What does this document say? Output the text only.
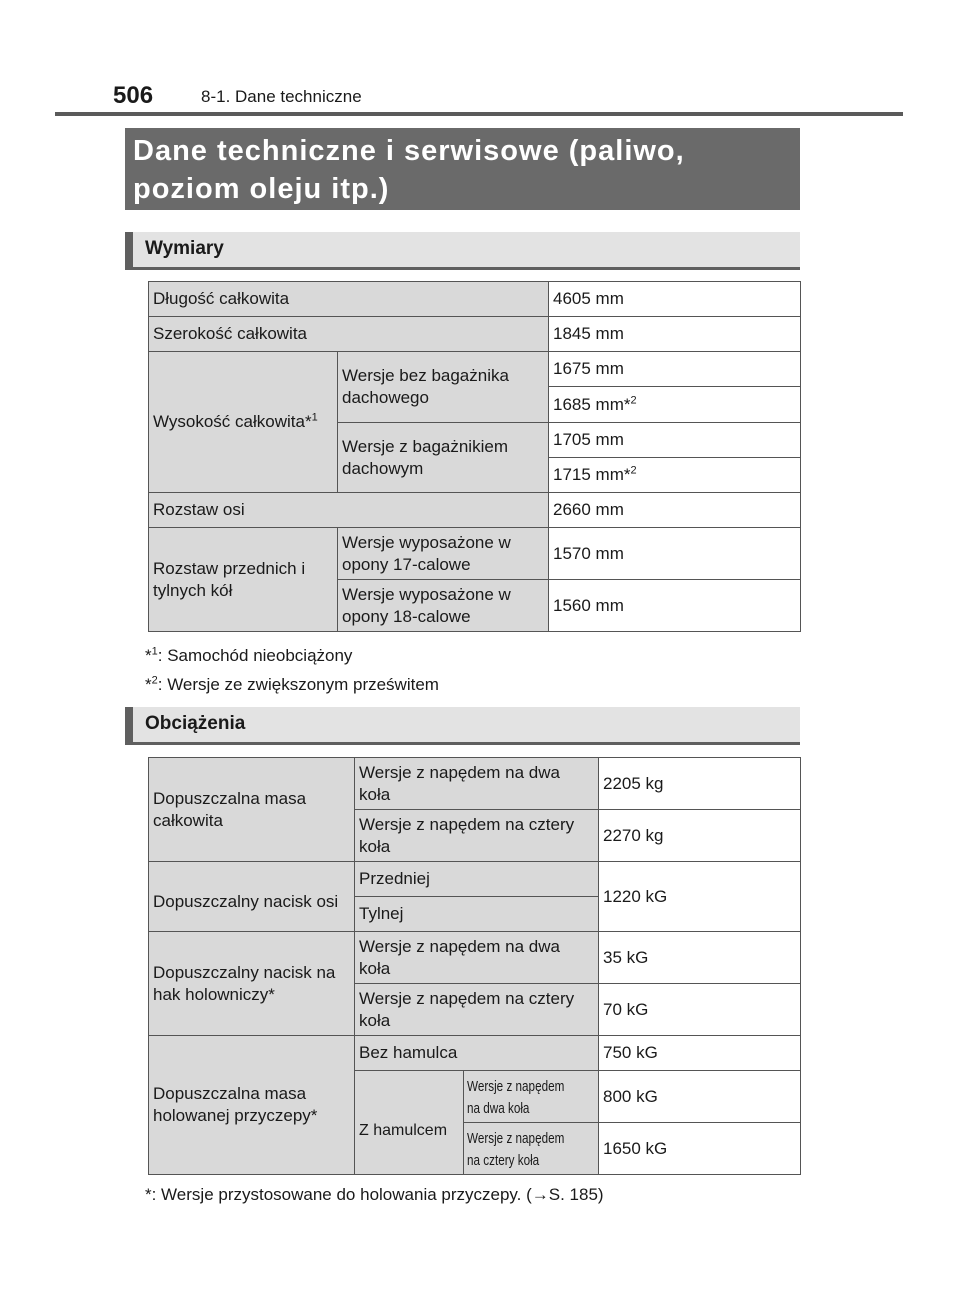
506	8-1. Dane techniczne
Dane techniczne i serwisowe (paliwo,
poziom oleju itp.)
Wymiary
Długość całkowita		4605 mm
Szerokość całkowita		1845 mm
Wysokość całkowita*$^1$	Wersje bez bagażnika dachowego	1675 mm
		1685 mm*$^2$
	Wersje z bagażnikiem dachowym	1705 mm
		1715 mm*$^2$
Rozstaw osi		2660 mm
Rozstaw przednich i tylnych kół	Wersje wyposażone w opony 17-calowe	1570 mm
	Wersje wyposażone w opony 18-calowe	1560 mm
*$^1$: Samochód nieobciążony
*$^2$: Wersje ze zwiększonym prześwitem
Obciążenia
Dopuszczalna masa całkowita	Wersje z napędem na dwa koła		2205 kg
	Wersje z napędem na cztery koła		2270 kg
Dopuszczalny nacisk osi	Przedniej		1220 kG
	Tylnej		
Dopuszczalny nacisk na hak holowniczy*	Wersje z napędem na dwa koła		35 kG
	Wersje z napędem na cztery koła		70 kG
Dopuszczalna masa holowanej przyczepy*	Bez hamulca		750 kG
	Z hamulcem	Wersje z napędem
na dwa koła	800 kG
		Wersje z napędem
na cztery koła	1650 kG
*: Wersje przystosowane do holowania przyczepy. (→S. 185)
